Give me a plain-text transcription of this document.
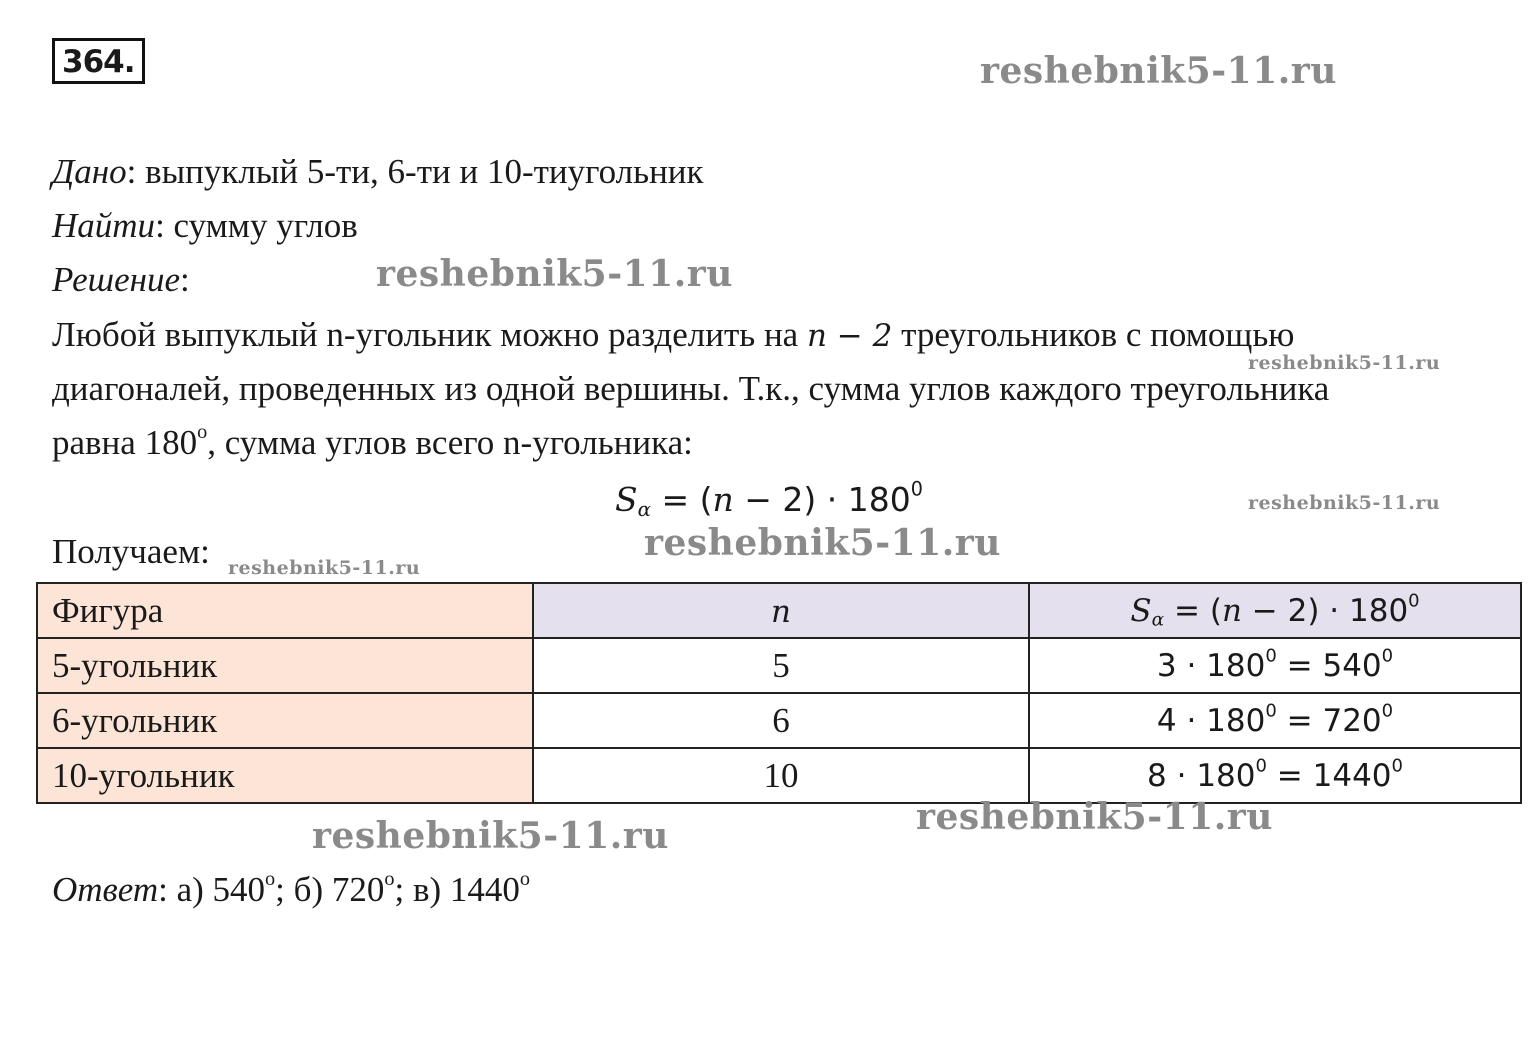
364.
Дано: выпуклый 5-ти, 6-ти и 10-тиугольник
Найти: сумму углов
Решение:
Любой выпуклый n-угольник можно разделить на n − 2 треугольников с помощью
диагоналей, проведенных из одной вершины. Т.к., сумма углов каждого треугольника
равна $180^о$, сумма углов всего n-угольника:
$S_\alpha = (n - 2) \cdot 180^0$
Получаем:
Фигура	n	$S_\alpha = (n - 2) \cdot 180^0$
5-угольник	5	$3 \cdot 180^0 = 540^0$
6-угольник	6	$4 \cdot 180^0 = 720^0$
10-угольник	10	$8 \cdot 180^0 = 1440^0$
Ответ: а) $540^о$; б) $720^о$; в) $1440^о$
reshebnik5-11.ru
reshebnik5-11.ru
reshebnik5-11.ru
reshebnik5-11.ru
reshebnik5-11.ru
reshebnik5-11.ru
reshebnik5-11.ru
reshebnik5-11.ru
